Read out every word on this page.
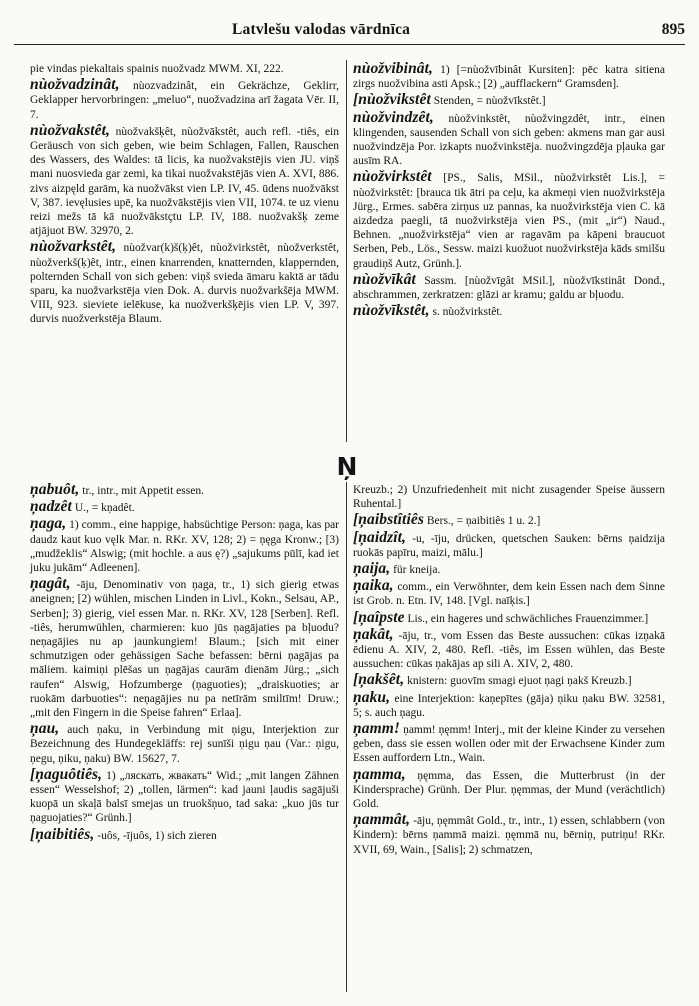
Latvlešu valodas vārdnīca	895

pie vindas piekaltais spainis nuožvadz MWM. XI, 222.

nùožvadzinât, nùozvadzinât, ein Gekrächze, Geklirr, Geklapper hervorbringen: „meluo“, nuožvadzina arī žagata Vēr. II, 7.

nùožvakstêt, nùožvakšķêt, nùožvākstêt, auch refl. -tiês, ein Geräusch von sich geben, wie beim Schlagen, Fallen, Rauschen des Wassers, des Waldes: tā licis, ka nuožvakstējis vien JU. viņš mani nuosvieda gar zemi, ka tikai nuožvakstējās vien A. XVI, 886. zivs aizpęld garām, ka nuožvākst vien LP. IV, 45. ūdens nuožvākst V, 387. ievęlusies upē, ka nuožvākstējis vien VII, 1074. te uz vienu reizi mežs tā kā nuožvākstçtu LP. IV, 188. nuožvakšķ zeme atjājuot BW. 32970, 2.

nùožvarkstêt, nùožvar(k)š(ķ)êt, nùožvirkstêt, nùožverkstêt, nùožverkš(ķ)êt, intr., einen knarrenden, knatternden, klappernden, polternden Schall von sich geben: viņš svieda āmaru kaktā ar tādu sparu, ka nuožvarkstēja vien Dok. A. durvis nuožvarkšēja MWM. VIII, 923. sieviete ielēkuse, ka nuožverkšķējis vien LP. V, 397. durvis nuožverkstēja Blaum.

nùožvibinât, 1) [=nùožvībinât Kursiten]: pēc katra sitiena zirgs nuožvibina asti Apsk.; [2) „aufflackern“ Gramsden].

[nùožvikstêt Stenden, = nùožvīkstêt.]

nùožvindzêt, nùožvinkstêt, nùožvingzdêt, intr., einen klingenden, sausenden Schall von sich geben: akmens man gar ausi nuožvindzēja Por. izkapts nuožvinkstēja. nuožvingzdēja pļauka gar ausīm RA.

nùožvirkstêt [PS., Salis, MSil., nùožvirkstêt Lis.], = nùožvirkstêt: [brauca tik ātri pa ceļu, ka akmeņi vien nuožvirkstēja Jürg., Ermes. sabēra zirņus uz pannas, ka nuožvirkstēja vien C. kā aizdedza paegli, tā nuožvirkstēja vien PS., (mit „ir“) Naud., Behnen. „nuožvirkstēja“ vien ar ragavām pa kāpeni braucuot Serben, Peb., Lös., Sessw. maizi kuožuot nuožvirkstēja kāds smilšu graudiņš Autz, Grünh.].

nùožvīkât Sassm. [nùožvīgât MSil.], nùožvīkstinât Dond., abschrammen, zerkratzen: glāzi ar kramu; galdu ar bļuodu.

nùožvīkstêt, s. nùožvirkstêt.

Ņ

ņabuôt, tr., intr., mit Appetit essen.

ņadzêt U., = kņadêt.

ņaga, 1) comm., eine happige, habsüchtige Person: ņaga, kas par daudz kaut kuo vęlk Mar. n. RKr. XV, 128; 2) = ņęga Kronw.; [3) „mudžeklis“ Alswig; (mit hochle. a aus ę?) „sajukums pūlī, kad iet juku jukām“ Adleenen].

ņagât, -āju, Denominativ von ņaga, tr., 1) sich gierig etwas aneignen; [2) wühlen, mischen Linden in Livl., Kokn., Selsau, AP., Serben]; 3) gierig, viel essen Mar. n. RKr. XV, 128 [Serben]. Refl. -tiês, herumwühlen, charmieren: kuo jūs ņagājaties pa bļuodu? neņagājies nu ap jaunkungiem! Blaum.; [sich mit einer schmutzigen oder gehässigen Sache befassen: bērni ņagājas pa māliem. kaimiņi plēšas un ņagājas caurām dienām Jürg.; „sich raufen“ Alswig, Hofzumberge (ņaguoties); „draiskuoties; ar ruokām darbuoties“: neņagājies nu pa netīrām smiltīm! Druw.; „mit den Fingern in die Speise fahren“ Erlaa].

ņau, auch ņaku, in Verbindung mit ņigu, Interjektion zur Bezeichnung des Hundegekläffs: rej sunīši ņigu ņau (Var.: ņigu, ņegu, ņiku, ņaku) BW. 15627, 7.

[ņaguôtiês, 1) „ляскать, жвакать“ Wid.; „mit langen Zähnen essen“ Wesselshof; 2) „tollen, lärmen“: kad jauni ļaudis sagājuši kuopā un skaļā balsī smejas un truokšņuo, tad saka: „kuo jūs tur ņaguojaties?“ Grünh.]

[ņaibitiês, -uôs, -ījuôs, 1) sich zieren

Kreuzb.; 2) Unzufriedenheit mit nicht zusagender Speise äussern Ruhental.]

[ņaibstîtiês Bers., = ņaibitiês 1 u. 2.]

[ņaidzît, -u, -īju, drücken, quetschen Sauken: bērns ņaidzija ruokās papīru, maizi, mālu.]

ņaija, für kneija.

ņaika, comm., ein Verwöhnter, dem kein Essen nach dem Sinne ist Grob. n. Etn. IV, 148. [Vgl. naīķis.]

[ņaîpste Lis., ein hageres und schwächliches Frauenzimmer.]

ņakât, -āju, tr., vom Essen das Beste aussuchen: cūkas izņakā ēdienu A. XIV, 2, 480. Refl. -tiês, im Essen wühlen, das Beste aussuchen: cūkas ņakājas ap sili A. XIV, 2, 480.

[ņakšêt, knistern: guovīm smagi ejuot ņagi ņakš Kreuzb.]

ņaku, eine Interjektion: kaņepītes (gāja) ņiku ņaku BW. 32581, 5; s. auch ņagu.

ņamm! ņamm! ņęmm! Interj., mit der kleine Kinder zu versehen geben, dass sie essen wollen oder mit der Erwachsene Kinder zum Essen auffordern Ltn., Wain.

ņamma, ņęmma, das Essen, die Mutterbrust (in der Kindersprache) Grünh. Der Plur. ņęmmas, der Mund (verächtlich) Gold.

ņammât, -āju, ņęmmât Gold., tr., intr., 1) essen, schlabbern (von Kindern): bērns ņammā maizi. ņęmmā nu, bērniņ, putriņu! RKr. XVII, 69, Wain., [Salis]; 2) schmatzen,
